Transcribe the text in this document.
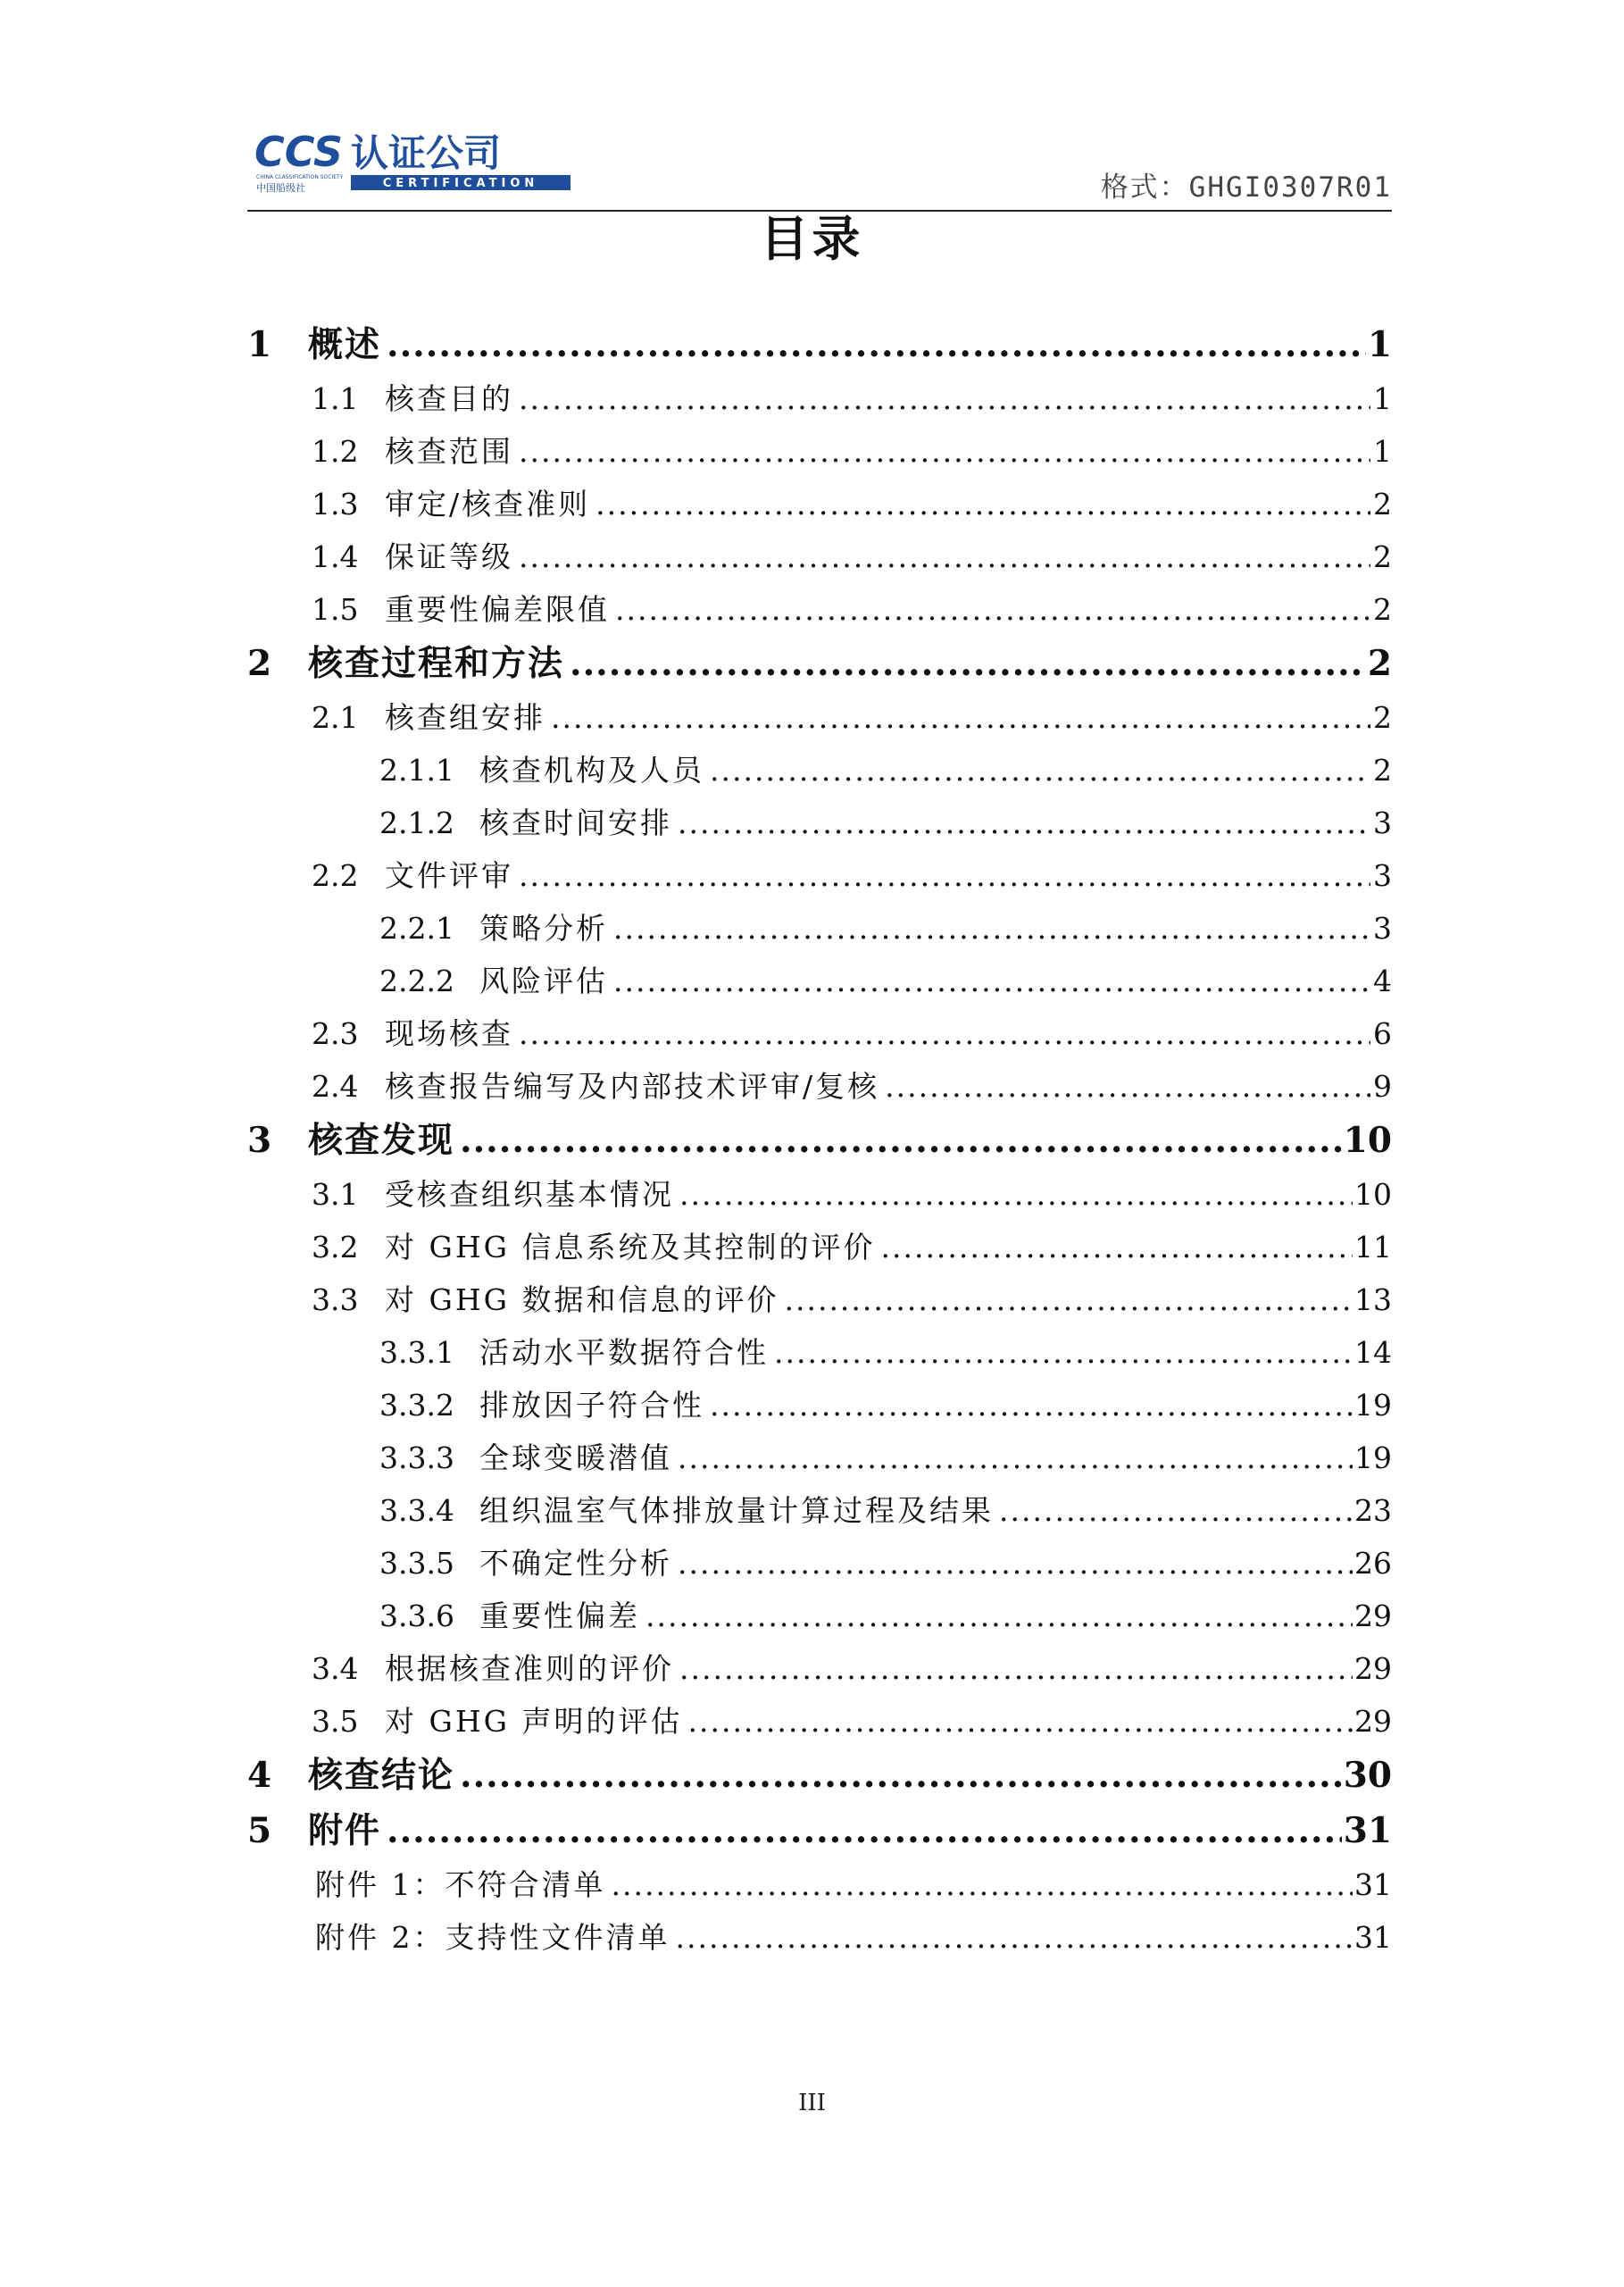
CCS 认证公司
CHINA CLASSIFICATION SOCIETY
中国船级社	CERTIFICATION	格式：GHGI0307R01
目录
1	概述 .....	1
1.1 核查目的 .....	1
1.2 核查范围 .....	1
1.3 审定/核查准则 .....	2
1.4 保证等级 .....	2
1.5 重要性偏差限值 .....	2
2	核查过程和方法 .....	2
2.1 核查组安排 .....	2
2.1.1 核查机构及人员 .....	2
2.1.2 核查时间安排 .....	3
2.2 文件评审 .....	3
2.2.1 策略分析 .....	3
2.2.2 风险评估 .....	4
2.3 现场核查 .....	6
2.4 核查报告编写及内部技术评审/复核 .....	9
3	核查发现 .....	10
3.1 受核查组织基本情况 .....	10
3.2 对 GHG 信息系统及其控制的评价 .....	11
3.3 对 GHG 数据和信息的评价 .....	13
3.3.1 活动水平数据符合性 .....	14
3.3.2 排放因子符合性 .....	19
3.3.3 全球变暖潜值 .....	19
3.3.4 组织温室气体排放量计算过程及结果 .....	23
3.3.5 不确定性分析 .....	26
3.3.6 重要性偏差 .....	29
3.4 根据核查准则的评价 .....	29
3.5 对 GHG 声明的评估 .....	29
4	核查结论 .....	30
5	附件 .....	31
附件 1：不符合清单 .....	31
附件 2：支持性文件清单 .....	31
III
